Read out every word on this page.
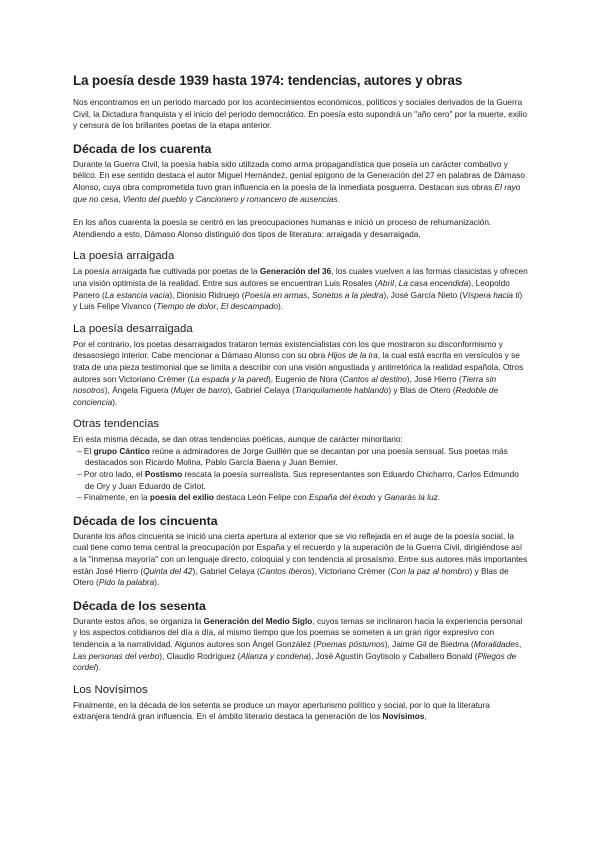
La poesía desde 1939 hasta 1974: tendencias, autores y obras

Nos encontramos en un periodo marcado por los acontecimientos económicos, políticos y sociales derivados de la Guerra Civil, la Dictadura franquista y el inicio del periodo democrático. En poesía esto supondrá un "año cero" por la muerte, exilio y censura de los brillantes poetas de la etapa anterior.

Década de los cuarenta

Durante la Guerra Civil, la poesía había sido utilizada como arma propagandística que poseía un carácter combativo y bélico. En ese sentido destaca el autor Miguel Hernández, genial epígono de la Generación del 27 en palabras de Dámaso Alonso, cuya obra comprometida tuvo gran influencia en la poesía de la inmediata posguerra. Destacan sus obras El rayo que no cesa, Viento del pueblo y Cancionero y romancero de ausencias.

En los años cuarenta la poesía se centró en las preocupaciones humanas e inició un proceso de rehumanización. Atendiendo a esto, Dámaso Alonso distinguió dos tipos de literatura: arraigada y desarraigada.

La poesía arraigada

La poesía arraigada fue cultivada por poetas de la Generación del 36, los cuales vuelven a las formas clasicistas y ofrecen una visión optimista de la realidad. Entre sus autores se encuentran Luis Rosales (Abril, La casa encendida), Leopoldo Panero (La estancia vacía), Dionisio Ridruejo (Poesía en armas, Sonetos a la piedra), José García Nieto (Víspera hacia ti) y Luis Felipe Vivanco (Tiempo de dolor, El descampado).

La poesía desarraigada

Por el contrario, los poetas desarraigados trataron temas existencialistas con los que mostraron su disconformismo y desasosiego interior. Cabe mencionar a Dámaso Alonso con su obra Hijos de la ira, la cual está escrita en versículos y se trata de una pieza testimonial que se limita a describir con una visión angustiada y antirretórica la realidad española. Otros autores son Victoriano Crémer (La espada y la pared), Eugenio de Nora (Cantos al destino), José Hierro (Tierra sin nosotros), Ángela Figuera (Mujer de barro), Gabriel Celaya (Tranquilamente hablando) y Blas de Otero (Redoble de conciencia).

Otras tendencias

En esta misma década, se dan otras tendencias poéticas, aunque de carácter minoritario:

– El grupo Cántico reúne a admiradores de Jorge Guillén que se decantan por una poesía sensual. Sus poetas más destacados son Ricardo Molina, Pablo García Baena y Juan Bernier.
– Por otro lado, el Postismo rescata la poesía surrealista. Sus representantes son Eduardo Chicharro, Carlos Edmundo de Ory y Juan Eduardo de Cirlot.
– Finalmente, en la poesía del exilio destaca León Felipe con España del éxodo y Ganarás la luz.
Década de los cincuenta

Durante los años cincuenta se inició una cierta apertura al exterior que se vio reflejada en el auge de la poesía social, la cual tiene como tema central la preocupación por España y el recuerdo y la superación de la Guerra Civil, dirigiéndose así a la "inmensa mayoría" con un lenguaje directo, coloquial y con tendencia al prosaísmo. Entre sus autores más importantes están José Hierro (Quinta del 42), Gabriel Celaya (Cantos íberos), Victoriano Crémer (Con la paz al hombro) y Blas de Otero (Pido la palabra).

Década de los sesenta

Durante estos años, se organiza la Generación del Medio Siglo, cuyos temas se inclinaron hacia la experiencia personal y los aspectos cotidianos del día a día, al mismo tiempo que los poemas se someten a un gran rigor expresivo con tendencia a la narratividad. Algunos autores son Ángel González (Poemas póstumos), Jaime Gil de Biedma (Moralidades, Las personas del verbo), Claudio Rodríguez (Alianza y condena), José Agustín Goytisolo y Caballero Bonald (Pliegos de cordel).

Los Novísimos

Finalmente, en la década de los setenta se produce un mayor aperturismo político y social, por lo que la literatura extranjera tendrá gran influencia. En el ámbito literario destaca la generación de los Novísimos,
